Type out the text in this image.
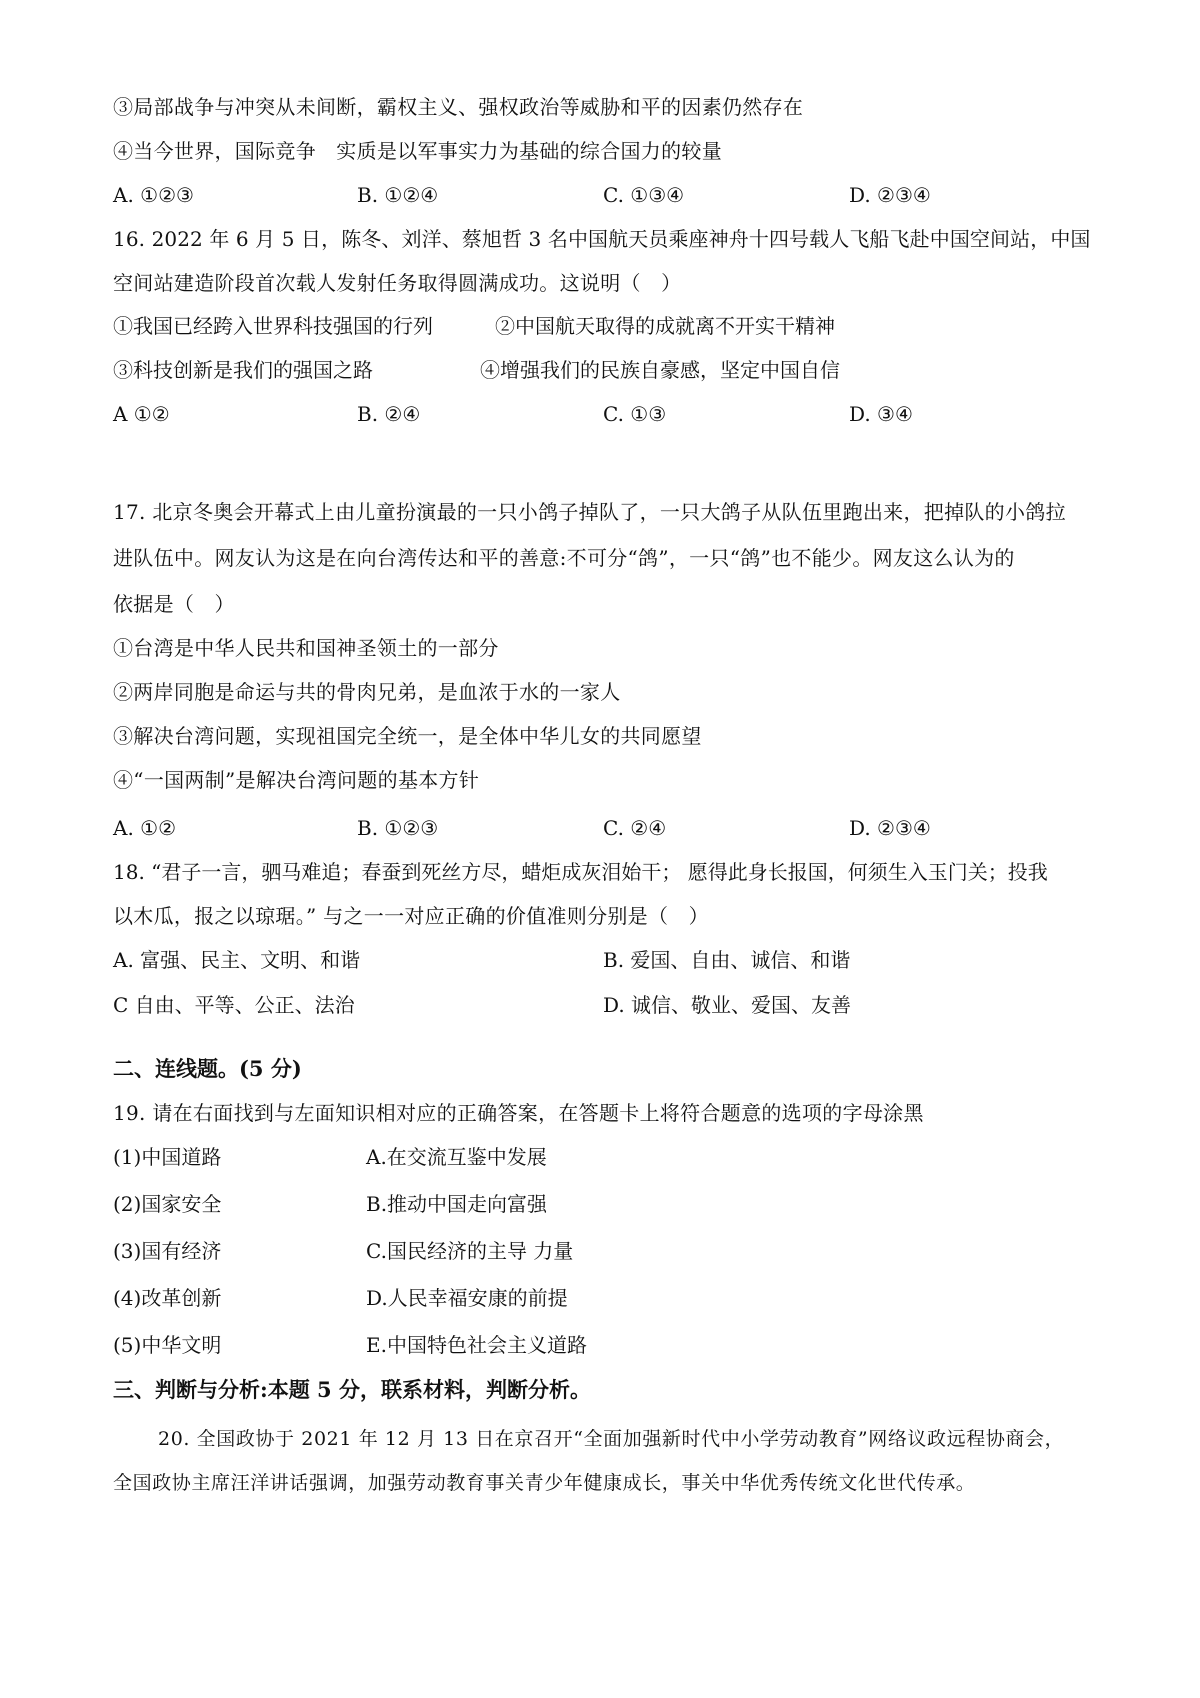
③局部战争与冲突从未间断，霸权主义、强权政治等威胁和平的因素仍然存在
④当今世界，国际竞争　实质是以军事实力为基础的综合国力的较量
A. ①②③	B. ①②④	C. ①③④	D. ②③④
16. 2022 年 6 月 5 日，陈冬、刘洋、蔡旭哲 3 名中国航天员乘座神舟十四号载人飞船飞赴中国空间站，中国
空间站建造阶段首次载人发射任务取得圆满成功。这说明（　）
①我国已经跨入世界科技强国的行列	②中国航天取得的成就离不开实干精神
③科技创新是我们的强国之路	④增强我们的民族自豪感，坚定中国自信
A ①②	B. ②④	C. ①③	D. ③④
17. 北京冬奥会开幕式上由儿童扮演最的一只小鸽子掉队了，一只大鸽子从队伍里跑出来，把掉队的小鸽拉
进队伍中。网友认为这是在向台湾传达和平的善意:不可分“鸽”，一只“鸽”也不能少。网友这么认为的
依据是（　）
①台湾是中华人民共和国神圣领土的一部分
②两岸同胞是命运与共的骨肉兄弟，是血浓于水的一家人
③解决台湾问题，实现祖国完全统一，是全体中华儿女的共同愿望
④“一国两制”是解决台湾问题的基本方针
A. ①②	B. ①②③	C. ②④	D. ②③④
18. “君子一言，驷马难追；春蚕到死丝方尽，蜡炬成灰泪始干； 愿得此身长报国，何须生入玉门关；投我
以木瓜，报之以琼琚。” 与之一一对应正确的价值准则分别是（　）
A. 富强、民主、文明、和谐	B. 爱国、自由、诚信、和谐
C 自由、平等、公正、法治	D. 诚信、敬业、爱国、友善
二、连线题。(5 分)
19. 请在右面找到与左面知识相对应的正确答案，在答题卡上将符合题意的选项的字母涂黑
(1)中国道路	A.在交流互鉴中发展
(2)国家安全	B.推动中国走向富强
(3)国有经济	C.国民经济的主导 力量
(4)改革创新	D.人民幸福安康的前提
(5)中华文明	E.中国特色社会主义道路
三、判断与分析:本题 5 分，联系材料，判断分析。
20. 全国政协于 2021 年 12 月 13 日在京召开“全面加强新时代中小学劳动教育”网络议政远程协商会，
全国政协主席汪洋讲话强调，加强劳动教育事关青少年健康成长，事关中华优秀传统文化世代传承。
